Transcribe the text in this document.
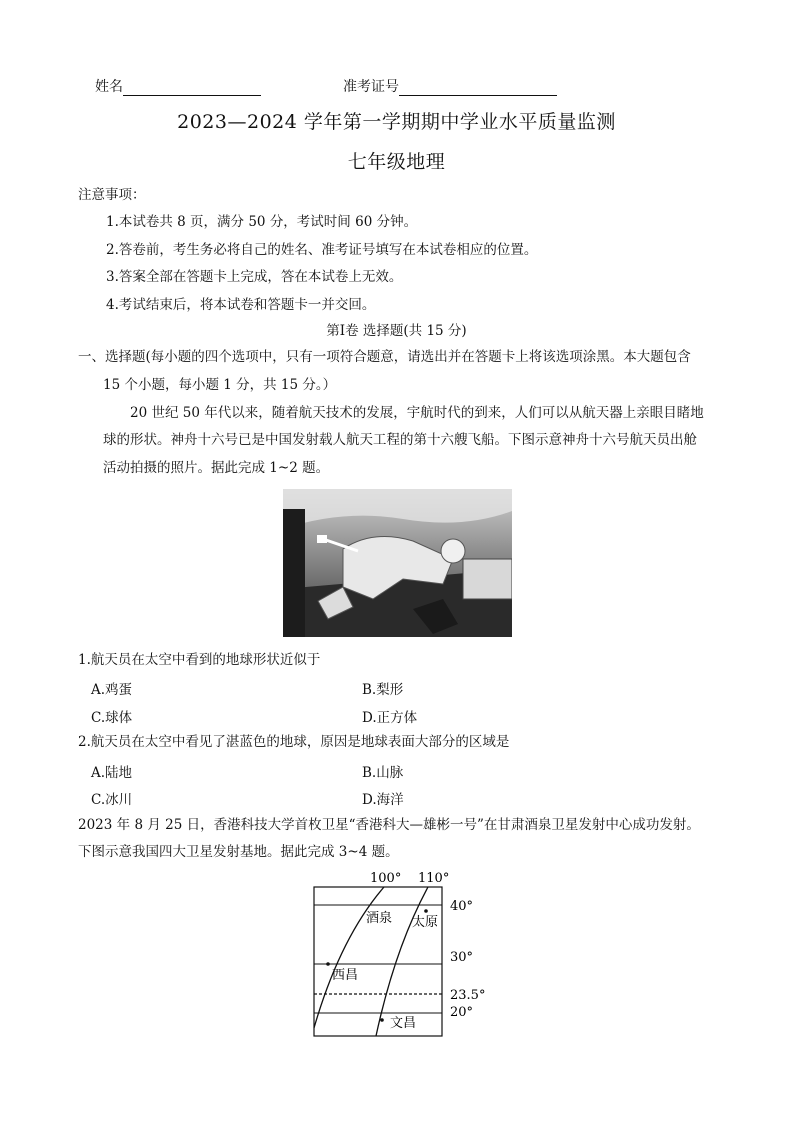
姓名	准考证号
2023—2024 学年第一学期期中学业水平质量监测
七年级地理
注意事项：
1.本试卷共 8 页，满分 50 分，考试时间 60 分钟。
2.答卷前，考生务必将自己的姓名、准考证号填写在本试卷相应的位置。
3.答案全部在答题卡上完成，答在本试卷上无效。
4.考试结束后，将本试卷和答题卡一并交回。
第Ⅰ卷 选择题(共 15 分)
一、选择题(每小题的四个选项中，只有一项符合题意，请选出并在答题卡上将该选项涂黑。本大题包含
15 个小题，每小题 1 分，共 15 分。）
20 世纪 50 年代以来，随着航天技术的发展，宇航时代的到来，人们可以从航天器上亲眼目睹地
球的形状。神舟十六号已是中国发射载人航天工程的第十六艘飞船。下图示意神舟十六号航天员出舱
活动拍摄的照片。据此完成 1~2 题。
1.航天员在太空中看到的地球形状近似于
A.鸡蛋	B.梨形
C.球体	D.正方体
2.航天员在太空中看见了湛蓝色的地球，原因是地球表面大部分的区域是
A.陆地	B.山脉
C.冰川	D.海洋
2023 年 8 月 25 日，香港科技大学首枚卫星“香港科大—雄彬一号”在甘肃酒泉卫星发射中心成功发射。
下图示意我国四大卫星发射基地。据此完成 3~4 题。
100° 110°
40°
30°
23.5°
20°
酒泉 太原
西昌
文昌
